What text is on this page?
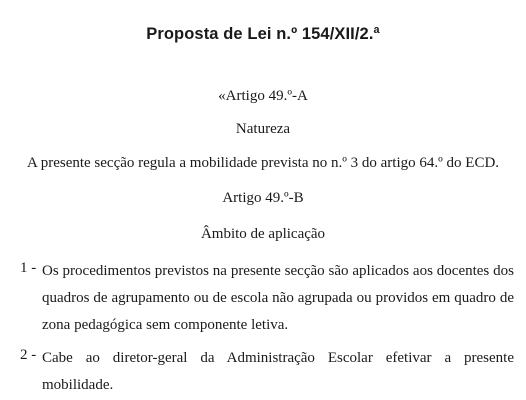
Proposta de Lei n.º 154/XII/2.ª
«Artigo 49.º-A
Natureza
A presente secção regula a mobilidade prevista no n.º 3 do artigo 64.º do ECD.
Artigo 49.º-B
Âmbito de aplicação
1 - Os procedimentos previstos na presente secção são aplicados aos docentes dos quadros de agrupamento ou de escola não agrupada ou providos em quadro de zona pedagógica sem componente letiva.
2 - Cabe ao diretor-geral da Administração Escolar efetivar a presente mobilidade.
